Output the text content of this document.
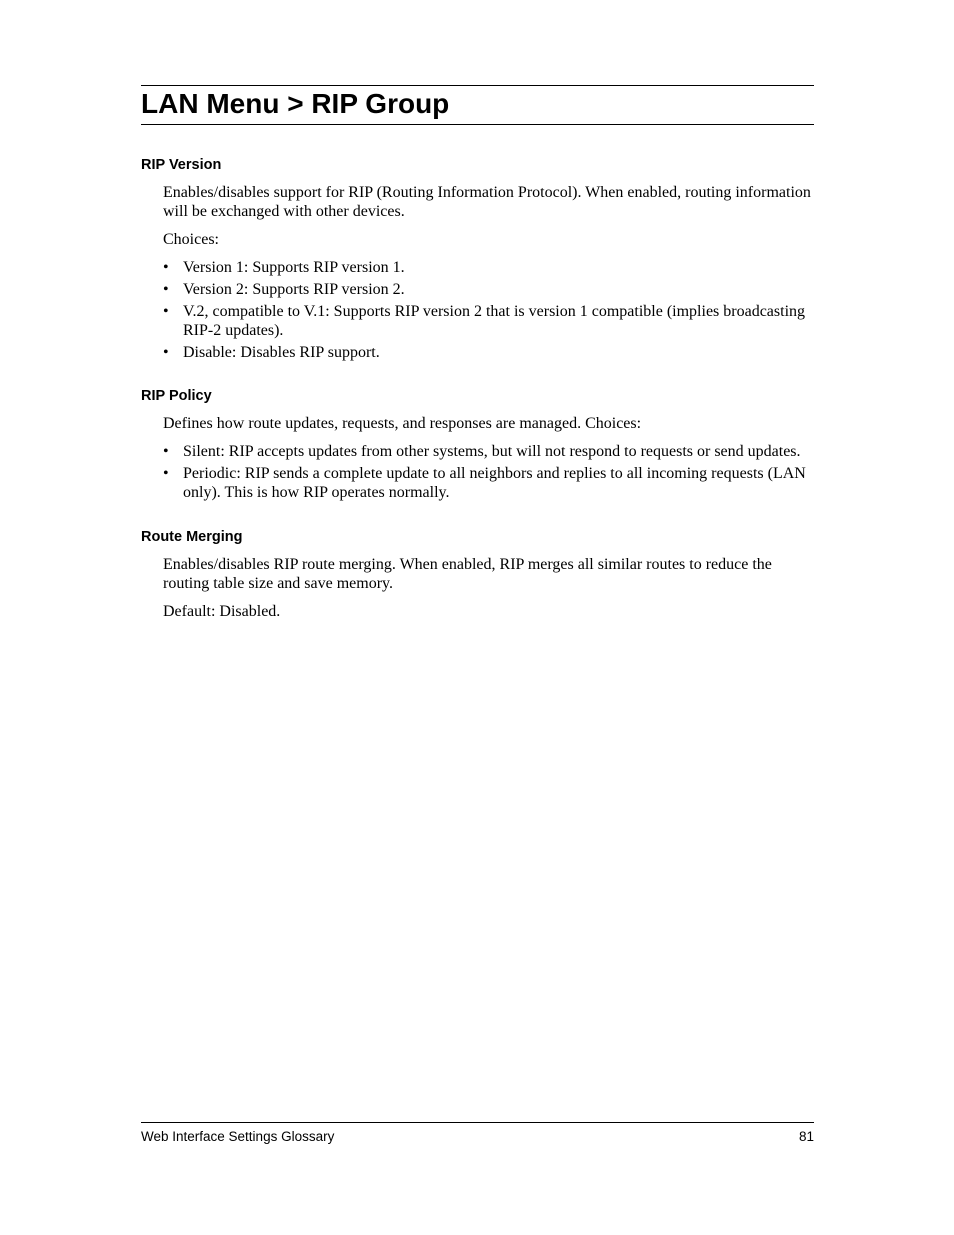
LAN Menu > RIP Group
RIP Version

Enables/disables support for RIP (Routing Information Protocol). When enabled, routing information will be exchanged with other devices.

Choices:

• Version 1: Supports RIP version 1.
• Version 2: Supports RIP version 2.
• V.2, compatible to V.1: Supports RIP version 2 that is version 1 compatible (implies broadcasting RIP-2 updates).
• Disable: Disables RIP support.
RIP Policy

Defines how route updates, requests, and responses are managed. Choices:

• Silent: RIP accepts updates from other systems, but will not respond to requests or send updates.
• Periodic: RIP sends a complete update to all neighbors and replies to all incoming requests (LAN only). This is how RIP operates normally.
Route Merging

Enables/disables RIP route merging. When enabled, RIP merges all similar routes to reduce the routing table size and save memory.

Default: Disabled.

Web Interface Settings Glossary	81
